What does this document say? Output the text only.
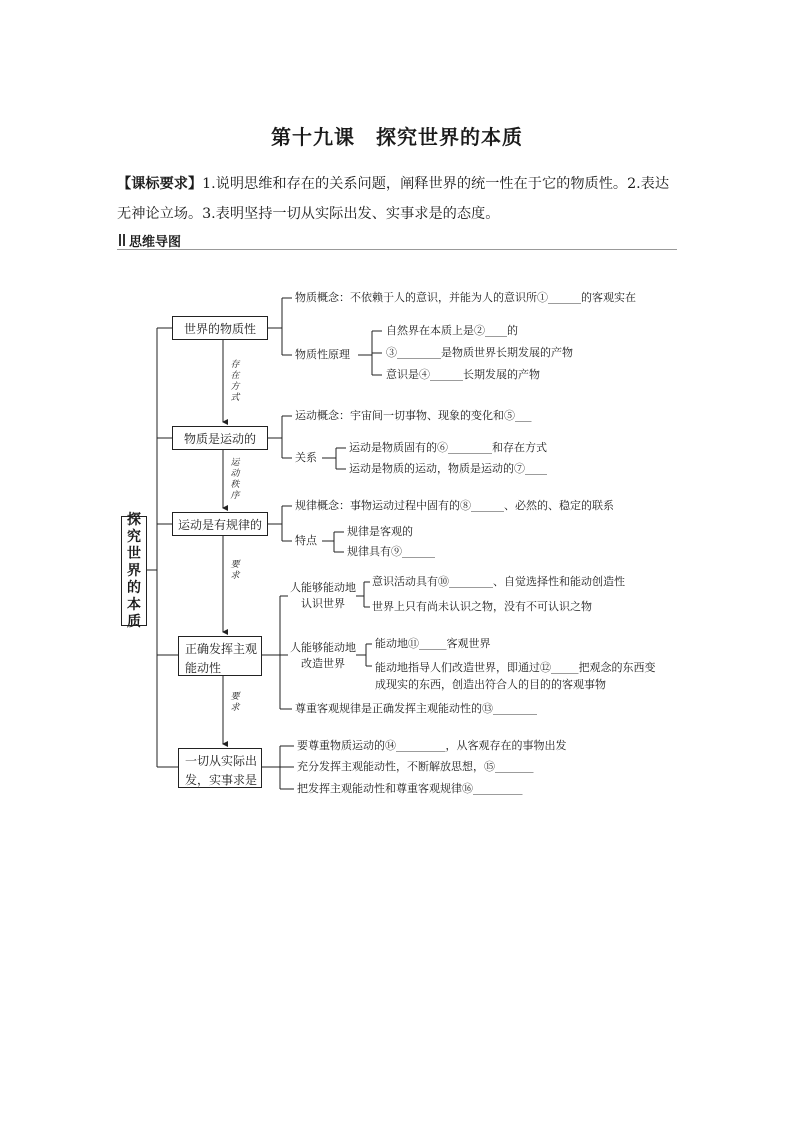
第十九课　探究世界的本质
【课标要求】1.说明思维和存在的关系问题，阐释世界的统一性在于它的物质性。2.表达无神论立场。3.表明坚持一切从实际出发、实事求是的态度。
思维导图
探究世界的本质
世界的物质性
物质是运动的
运动是有规律的
正确发挥主观能动性
一切从实际出发，实事求是
存在方式
运动秩序
要求
要求
物质概念：不依赖于人的意识，并能为人的意识所①______的客观实在
物质性原理
自然界在本质上是②____的
③________是物质世界长期发展的产物
意识是④______长期发展的产物
运动概念：宇宙间一切事物、现象的变化和⑤___
关系
运动是物质固有的⑥________和存在方式
运动是物质的运动，物质是运动的⑦____
规律概念：事物运动过程中固有的⑧______、必然的、稳定的联系
特点
规律是客观的
规律具有⑨______
人能够能动地认识世界
意识活动具有⑩________、自觉选择性和能动创造性
世界上只有尚未认识之物，没有不可认识之物
人能够能动地改造世界
能动地⑪_____客观世界
能动地指导人们改造世界，即通过⑫_____把观念的东西变成现实的东西，创造出符合人的目的的客观事物
尊重客观规律是正确发挥主观能动性的⑬________
要尊重物质运动的⑭_________，从客观存在的事物出发
充分发挥主观能动性，不断解放思想，⑮_______
把发挥主观能动性和尊重客观规律⑯_________
